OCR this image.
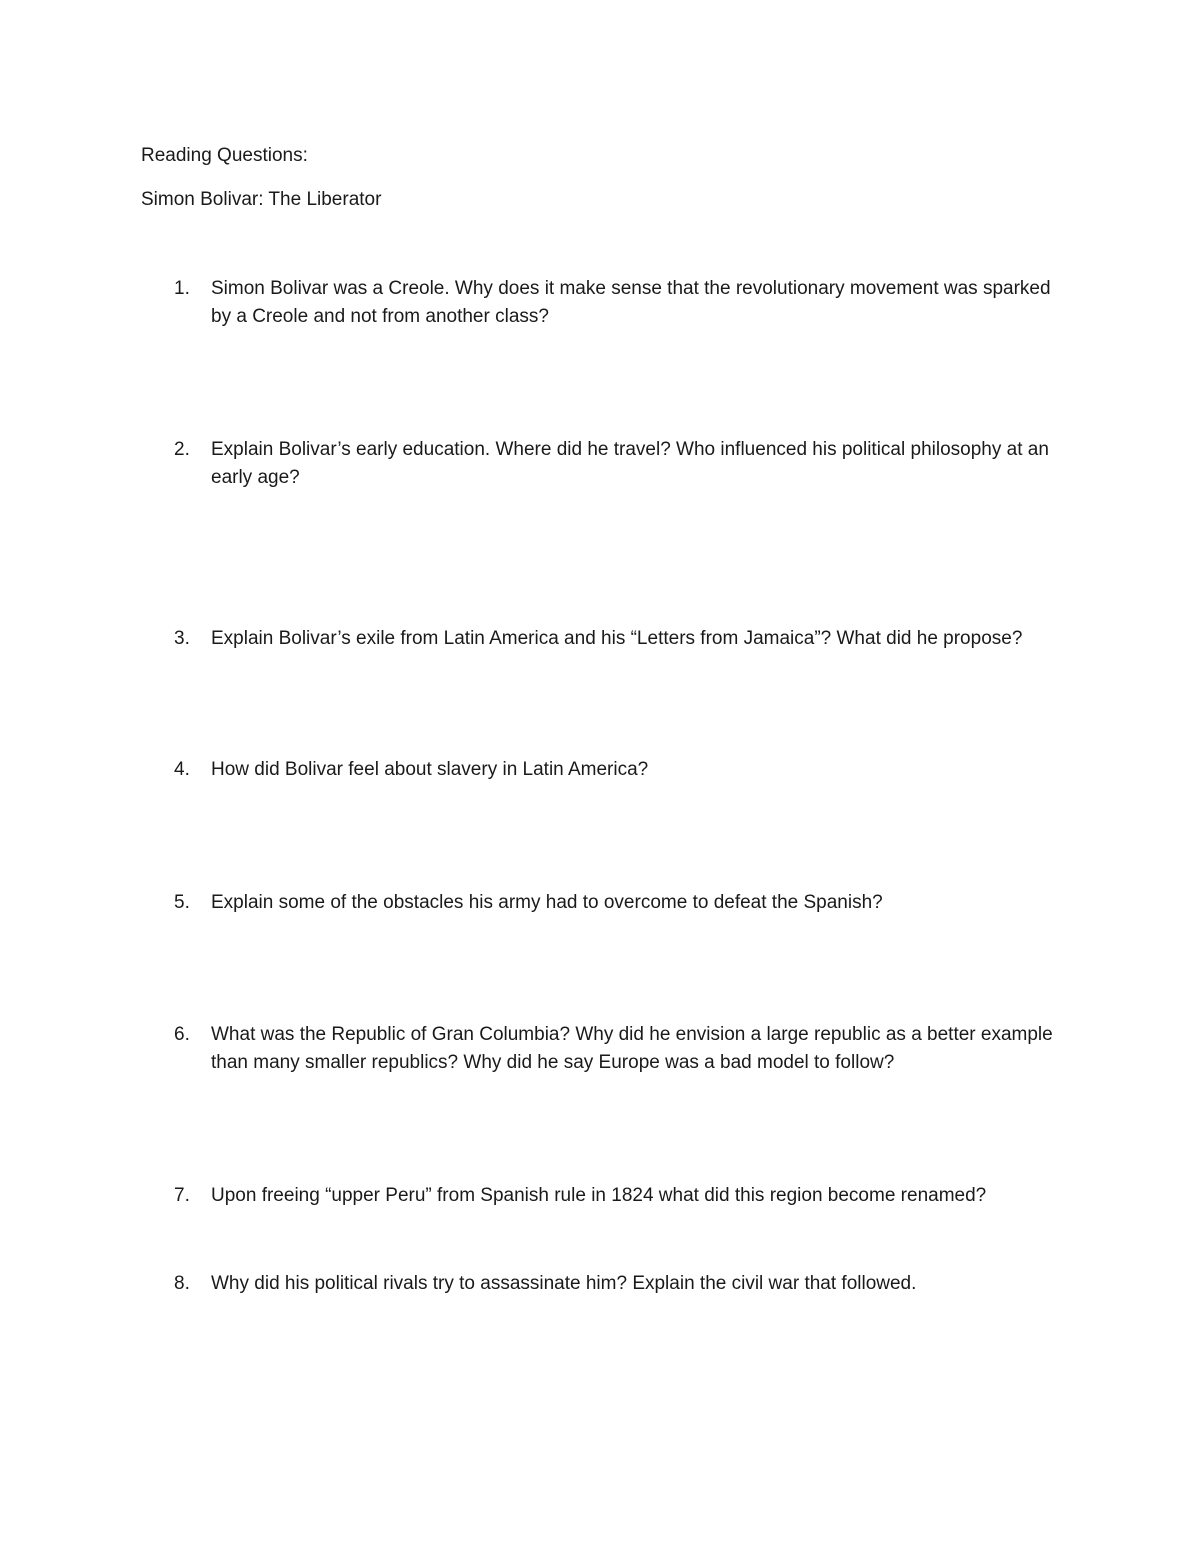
Reading Questions:
Simon Bolivar: The Liberator
1.	Simon Bolivar was a Creole. Why does it make sense that the revolutionary movement was sparked by a Creole and not from another class?
2.	Explain Bolivar’s early education. Where did he travel? Who influenced his political philosophy at an early age?
3.	Explain Bolivar’s exile from Latin America and his “Letters from Jamaica”? What did he propose?
4.	How did Bolivar feel about slavery in Latin America?
5.	Explain some of the obstacles his army had to overcome to defeat the Spanish?
6.	What was the Republic of Gran Columbia? Why did he envision a large republic as a better example than many smaller republics? Why did he say Europe was a bad model to follow?
7.	Upon freeing “upper Peru” from Spanish rule in 1824 what did this region become renamed?
8.	Why did his political rivals try to assassinate him? Explain the civil war that followed.
